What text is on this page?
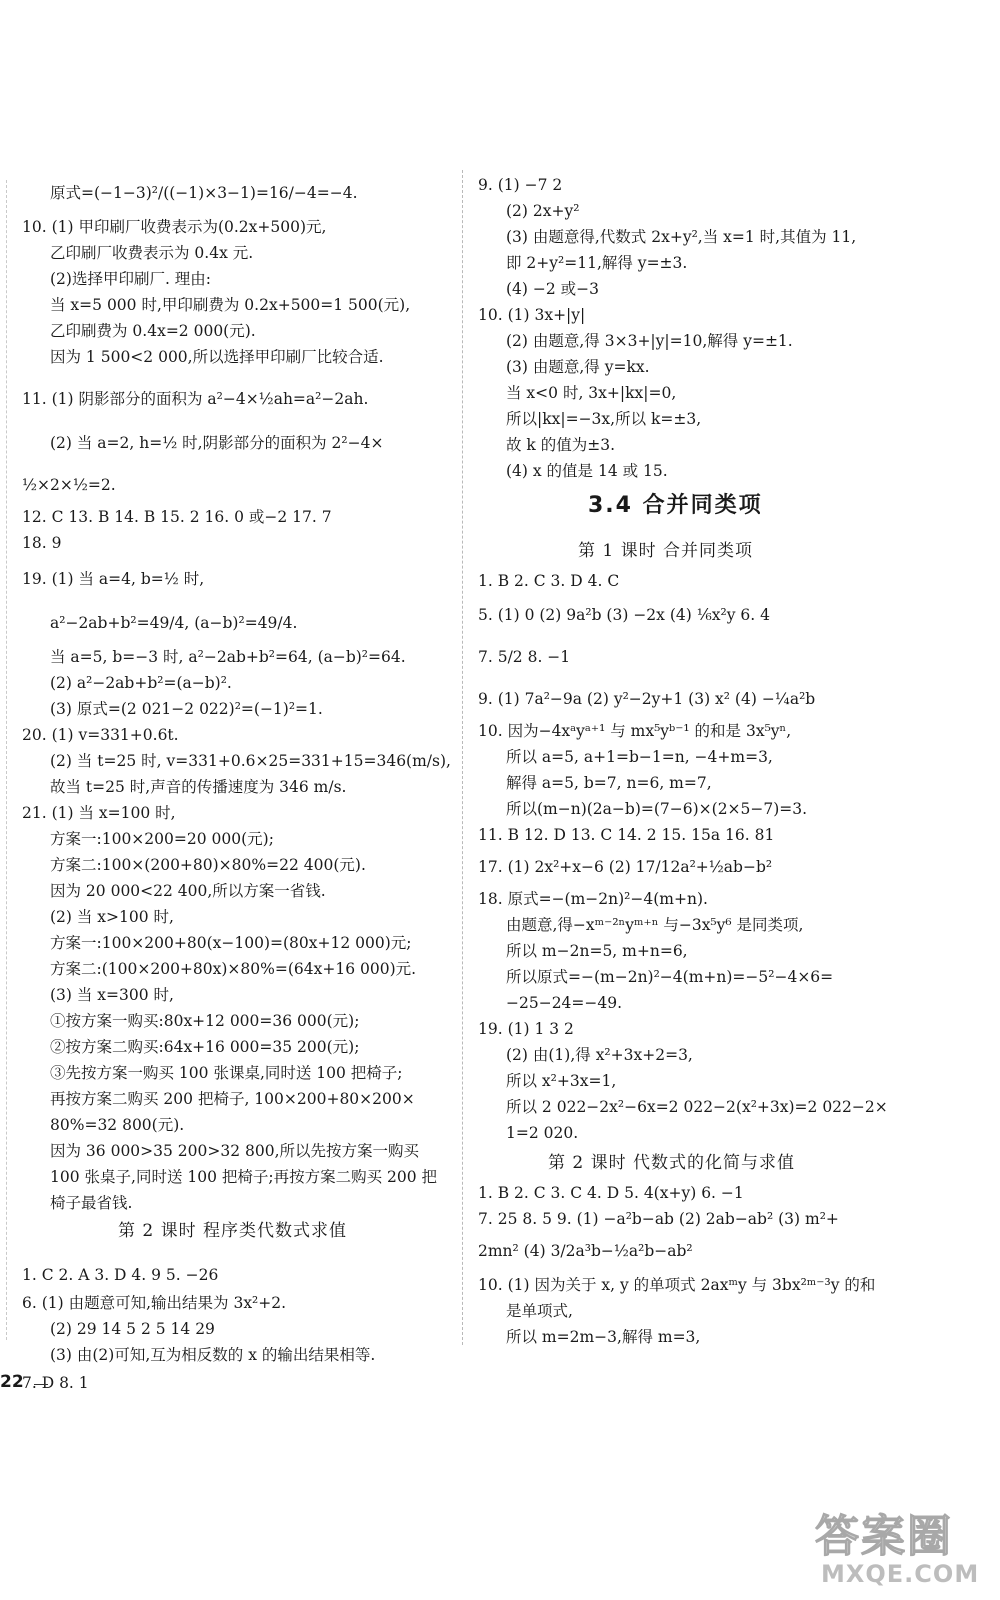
第 2 课时 程序类代数式求值
原式=(−1−3)²/((−1)×3−1)=16/−4=−4.
10. (1) 甲印刷厂收费表示为(0.2x+500)元,
乙印刷厂收费表示为 0.4x 元.
(2)选择甲印刷厂. 理由:
当 x=5 000 时,甲印刷费为 0.2x+500=1 500(元),
乙印刷费为 0.4x=2 000(元).
因为 1 500<2 000,所以选择甲印刷厂比较合适.
11. (1) 阴影部分的面积为 a²−4×½ah=a²−2ah.
(2) 当 a=2, h=½ 时,阴影部分的面积为 2²−4×
½×2×½=2.
12. C 13. B 14. B 15. 2 16. 0 或−2 17. 7
18. 9
19. (1) 当 a=4, b=½ 时,
a²−2ab+b²=49/4, (a−b)²=49/4.
当 a=5, b=−3 时, a²−2ab+b²=64, (a−b)²=64.
(2) a²−2ab+b²=(a−b)².
(3) 原式=(2 021−2 022)²=(−1)²=1.
20. (1) v=331+0.6t.
(2) 当 t=25 时, v=331+0.6×25=331+15=346(m/s),
故当 t=25 时,声音的传播速度为 346 m/s.
21. (1) 当 x=100 时,
方案一:100×200=20 000(元);
方案二:100×(200+80)×80%=22 400(元).
因为 20 000<22 400,所以方案一省钱.
(2) 当 x>100 时,
方案一:100×200+80(x−100)=(80x+12 000)元;
方案二:(100×200+80x)×80%=(64x+16 000)元.
(3) 当 x=300 时,
①按方案一购买:80x+12 000=36 000(元);
②按方案二购买:64x+16 000=35 200(元);
③先按方案一购买 100 张课桌,同时送 100 把椅子;
再按方案二购买 200 把椅子, 100×200+80×200×
80%=32 800(元).
因为 36 000>35 200>32 800,所以先按方案一购买
100 张桌子,同时送 100 把椅子;再按方案二购买 200 把
椅子最省钱.
1. C 2. A 3. D 4. 9 5. −26
6. (1) 由题意可知,输出结果为 3x²+2.
(2) 29 14 5 2 5 14 29
(3) 由(2)可知,互为相反数的 x 的输出结果相等.
7. D 8. 1
3.4 合并同类项
第 1 课时 合并同类项
第 2 课时 代数式的化简与求值
9. (1) −7 2
(2) 2x+y²
(3) 由题意得,代数式 2x+y²,当 x=1 时,其值为 11,
即 2+y²=11,解得 y=±3.
(4) −2 或−3
10. (1) 3x+|y|
(2) 由题意,得 3×3+|y|=10,解得 y=±1.
(3) 由题意,得 y=kx.
当 x<0 时, 3x+|kx|=0,
所以|kx|=−3x,所以 k=±3,
故 k 的值为±3.
(4) x 的值是 14 或 15.
1. B 2. C 3. D 4. C
5. (1) 0 (2) 9a²b (3) −2x (4) ⅙x²y 6. 4
7. 5/2 8. −1
9. (1) 7a²−9a (2) y²−2y+1 (3) x² (4) −¼a²b
10. 因为−4xᵃyᵃ⁺¹ 与 mx⁵yᵇ⁻¹ 的和是 3x⁵yⁿ,
所以 a=5, a+1=b−1=n, −4+m=3,
解得 a=5, b=7, n=6, m=7,
所以(m−n)(2a−b)=(7−6)×(2×5−7)=3.
11. B 12. D 13. C 14. 2 15. 15a 16. 81
17. (1) 2x²+x−6 (2) 17/12a²+½ab−b²
18. 原式=−(m−2n)²−4(m+n).
由题意,得−xᵐ⁻²ⁿyᵐ⁺ⁿ 与−3x⁵y⁶ 是同类项,
所以 m−2n=5, m+n=6,
所以原式=−(m−2n)²−4(m+n)=−5²−4×6=
−25−24=−49.
19. (1) 1 3 2
(2) 由(1),得 x²+3x+2=3,
所以 x²+3x=1,
所以 2 022−2x²−6x=2 022−2(x²+3x)=2 022−2×
1=2 020.
1. B 2. C 3. C 4. D 5. 4(x+y) 6. −1
7. 25 8. 5 9. (1) −a²b−ab (2) 2ab−ab² (3) m²+
2mn² (4) 3/2a³b−½a²b−ab²
10. (1) 因为关于 x, y 的单项式 2axᵐy 与 3bx²ᵐ⁻³y 的和
是单项式,
所以 m=2m−3,解得 m=3,
22
答案圈
MXQE.COM
